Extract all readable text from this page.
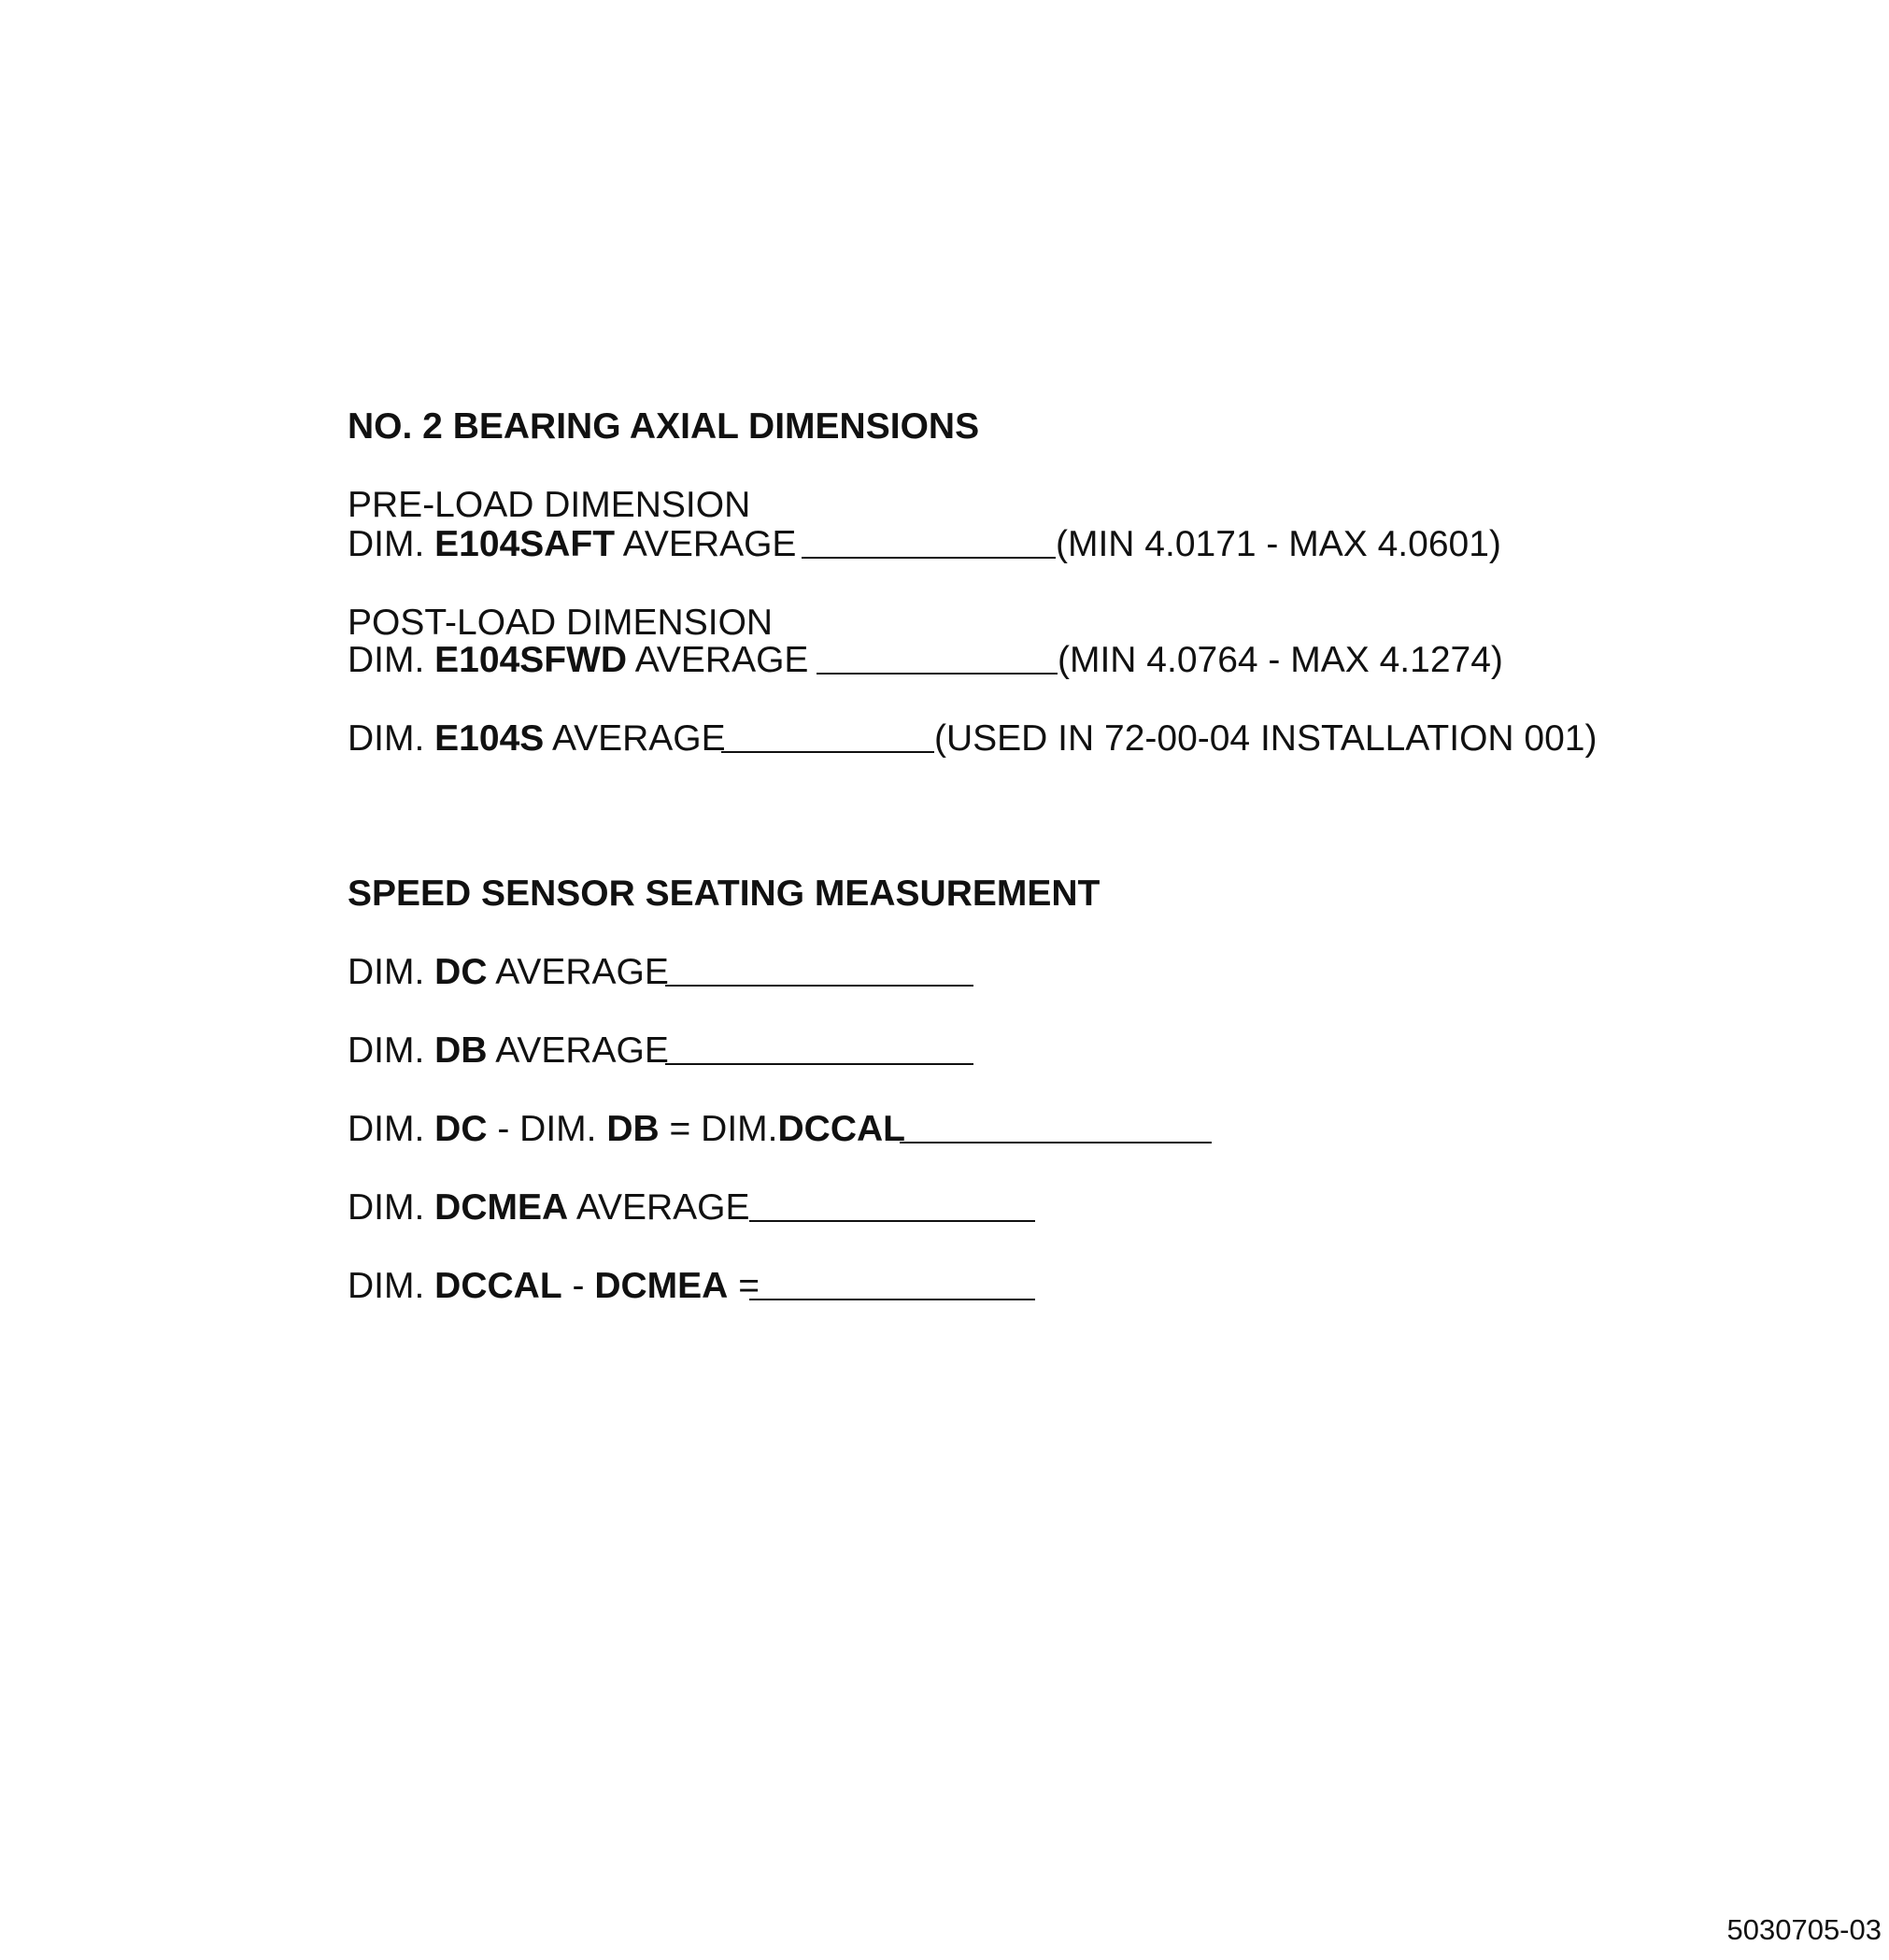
NO. 2 BEARING AXIAL DIMENSIONS
PRE-LOAD DIMENSION
DIM. E104SAFT AVERAGE	(MIN 4.0171 - MAX 4.0601)
POST-LOAD DIMENSION
DIM. E104SFWD AVERAGE	(MIN 4.0764 - MAX 4.1274)
DIM. E104S AVERAGE	(USED IN 72-00-04 INSTALLATION 001)
SPEED SENSOR SEATING MEASUREMENT
DIM. DC AVERAGE
DIM. DB AVERAGE
DIM. DC - DIM. DB = DIM.DCCAL
DIM. DCMEA AVERAGE
DIM. DCCAL - DCMEA =
5030705-03
